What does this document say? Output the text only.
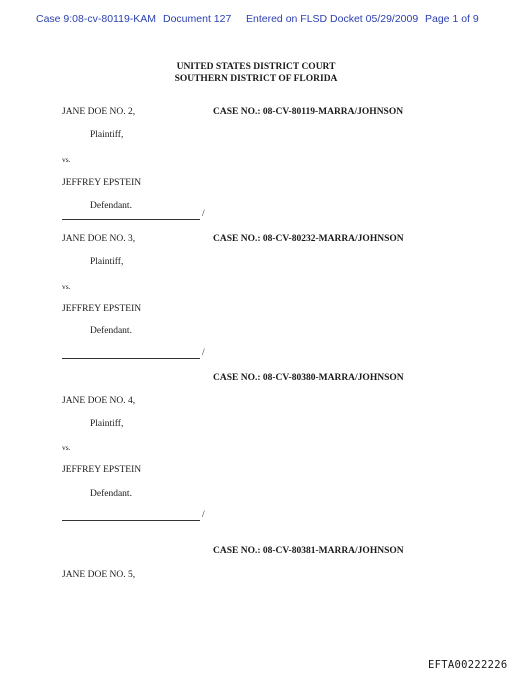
Case 9:08-cv-80119-KAM Document 127 Entered on FLSD Docket 05/29/2009 Page 1 of 9
UNITED STATES DISTRICT COURT
SOUTHERN DISTRICT OF FLORIDA
CASE NO.: 08-CV-80119-MARRA/JOHNSON
JANE DOE NO. 2,
Plaintiff,
vs.
JEFFREY EPSTEIN
Defendant.
/
CASE NO.: 08-CV-80232-MARRA/JOHNSON
JANE DOE NO. 3,
Plaintiff,
vs.
JEFFREY EPSTEIN
Defendant.
/
CASE NO.: 08-CV-80380-MARRA/JOHNSON
JANE DOE NO. 4,
Plaintiff,
vs.
JEFFREY EPSTEIN
Defendant.
/
CASE NO.: 08-CV-80381-MARRA/JOHNSON
JANE DOE NO. 5,
EFTA00222226
